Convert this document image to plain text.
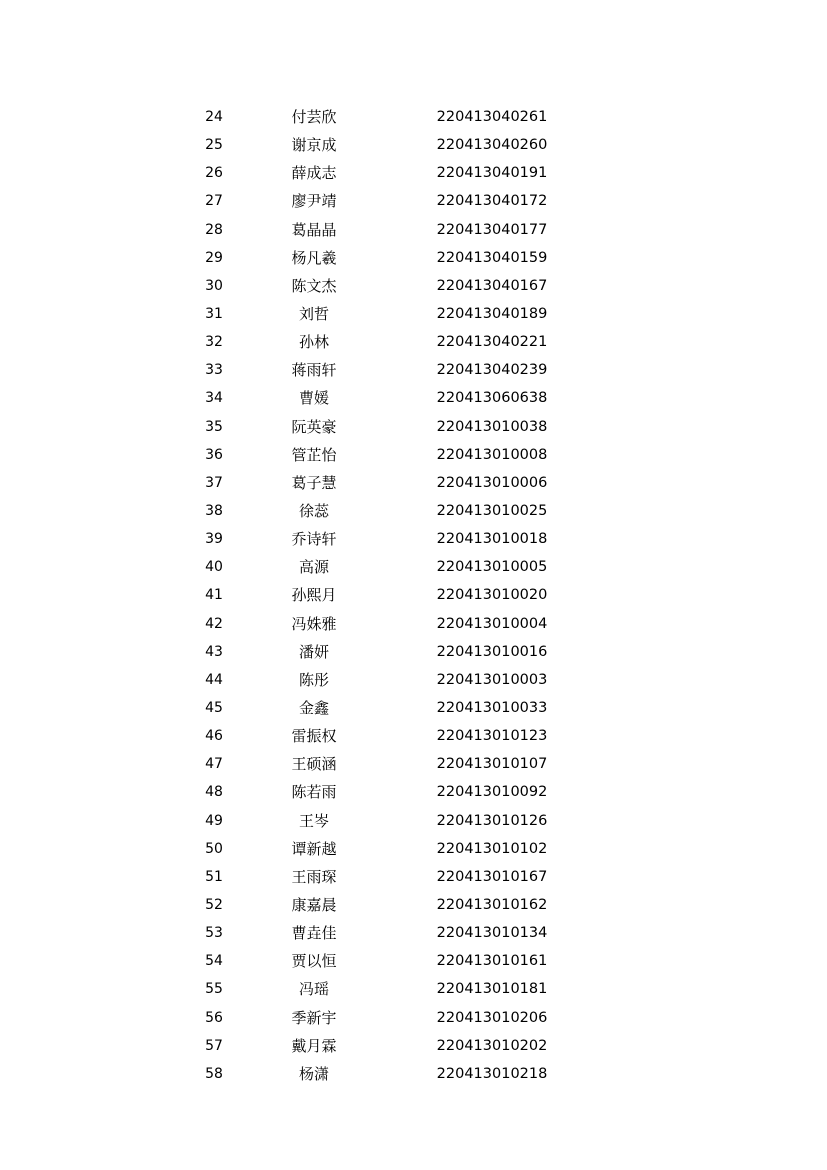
24	付芸欣	220413040261
25	谢京成	220413040260
26	薛成志	220413040191
27	廖尹靖	220413040172
28	葛晶晶	220413040177
29	杨凡羲	220413040159
30	陈文杰	220413040167
31	刘哲	220413040189
32	孙林	220413040221
33	蒋雨轩	220413040239
34	曹媛	220413060638
35	阮英豪	220413010038
36	管芷怡	220413010008
37	葛子慧	220413010006
38	徐蕊	220413010025
39	乔诗轩	220413010018
40	高源	220413010005
41	孙熙月	220413010020
42	冯姝雅	220413010004
43	潘妍	220413010016
44	陈彤	220413010003
45	金鑫	220413010033
46	雷振权	220413010123
47	王硕涵	220413010107
48	陈若雨	220413010092
49	王岑	220413010126
50	谭新越	220413010102
51	王雨琛	220413010167
52	康嘉晨	220413010162
53	曹垚佳	220413010134
54	贾以恒	220413010161
55	冯瑶	220413010181
56	季新宇	220413010206
57	戴月霖	220413010202
58	杨潇	220413010218
